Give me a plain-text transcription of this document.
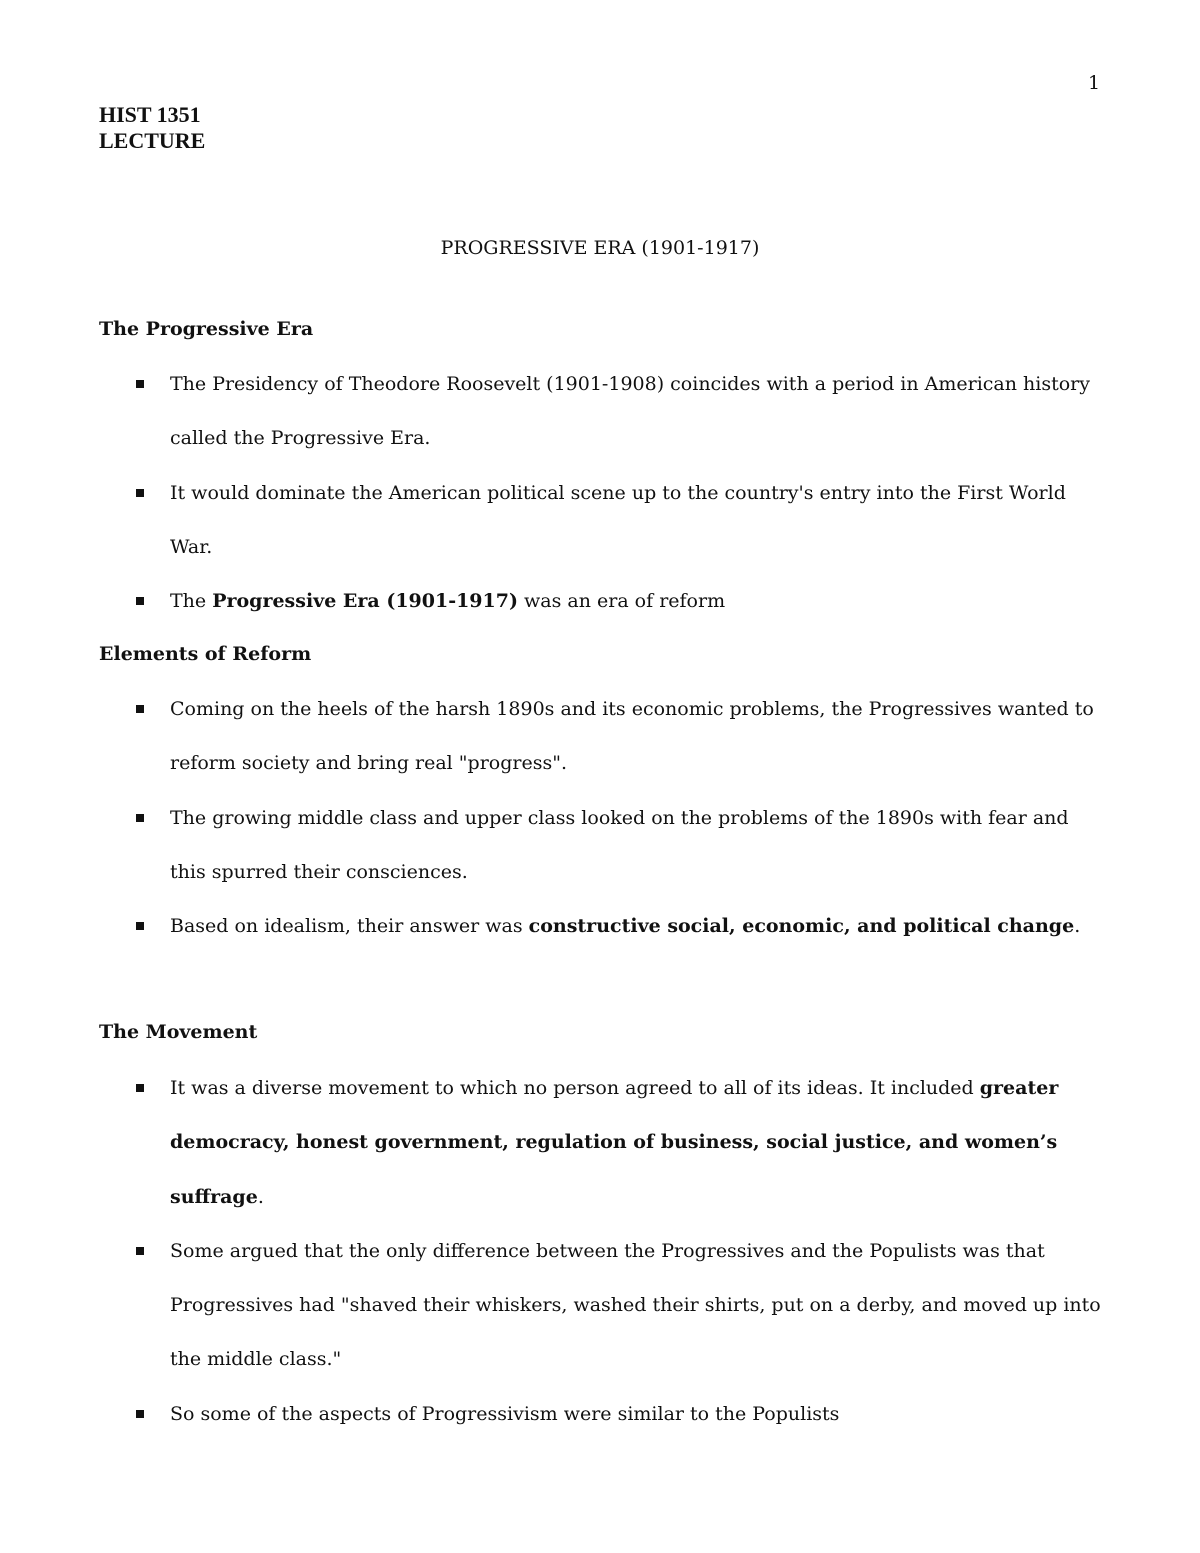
1
HIST 1351
LECTURE
PROGRESSIVE ERA (1901-1917)
The Progressive Era
The Presidency of Theodore Roosevelt (1901-1908) coincides with a period in American history called the Progressive Era.
It would dominate the American political scene up to the country's entry into the First World War.
The Progressive Era (1901-1917) was an era of reform
Elements of Reform
Coming on the heels of the harsh 1890s and its economic problems, the Progressives wanted to reform society and bring real "progress".
The growing middle class and upper class looked on the problems of the 1890s with fear and this spurred their consciences.
Based on idealism, their answer was constructive social, economic, and political change.
The Movement
It was a diverse movement to which no person agreed to all of its ideas. It included greater democracy, honest government, regulation of business, social justice, and women’s suffrage.
Some argued that the only difference between the Progressives and the Populists was that Progressives had "shaved their whiskers, washed their shirts, put on a derby, and moved up into the middle class."
So some of the aspects of Progressivism were similar to the Populists
